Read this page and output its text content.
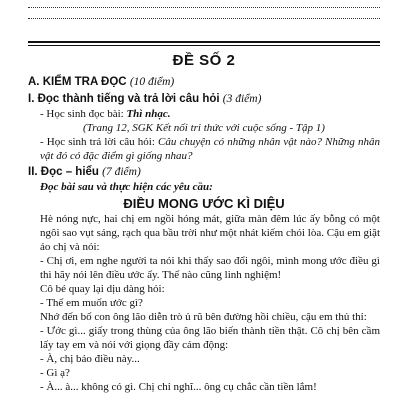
ĐỀ SỐ 2
A. KIỂM TRA ĐỌC (10 điểm)
I. Đọc thành tiếng và trả lời câu hỏi (3 điểm)
- Học sinh đọc bài: Thì nhạc.
(Trang 12, SGK Kết nối tri thức với cuộc sống - Tập 1)
- Học sinh trả lời câu hỏi: Câu chuyện có những nhân vật nào? Những nhân vật đó có đặc điểm gì giống nhau?
II. Đọc – hiểu (7 điểm)
Đọc bài sau và thực hiện các yêu cầu:
ĐIỀU MONG ƯỚC KÌ DIỆU
Hè nóng nực, hai chị em ngồi hóng mát, giữa màn đêm lúc ấy bỗng có một ngôi sao vụt sáng, rạch qua bầu trời như một nhát kiếm chói lòa. Cậu em giật áo chị và nói:
- Chị ơi, em nghe người ta nói khi thấy sao đổi ngôi, mình mong ước điều gì thì hãy nói lên điều ước ấy. Thế nào cũng linh nghiệm!
Cô bé quay lại dịu dàng hỏi:
- Thế em muốn ước gì?
Nhớ đến bố con ông lão diễn trò ủ rũ bên đường hồi chiều, cậu em thủ thỉ:
- Ước gì... giấy trong thùng của ông lão biến thành tiền thật. Cô chị bên cầm lấy tay em và nói với giọng đầy cảm động:
- À, chị bảo điều này...
- Gì ạ?
- À... à... không có gì. Chị chỉ nghĩ... ông cụ chắc cần tiền lắm!
